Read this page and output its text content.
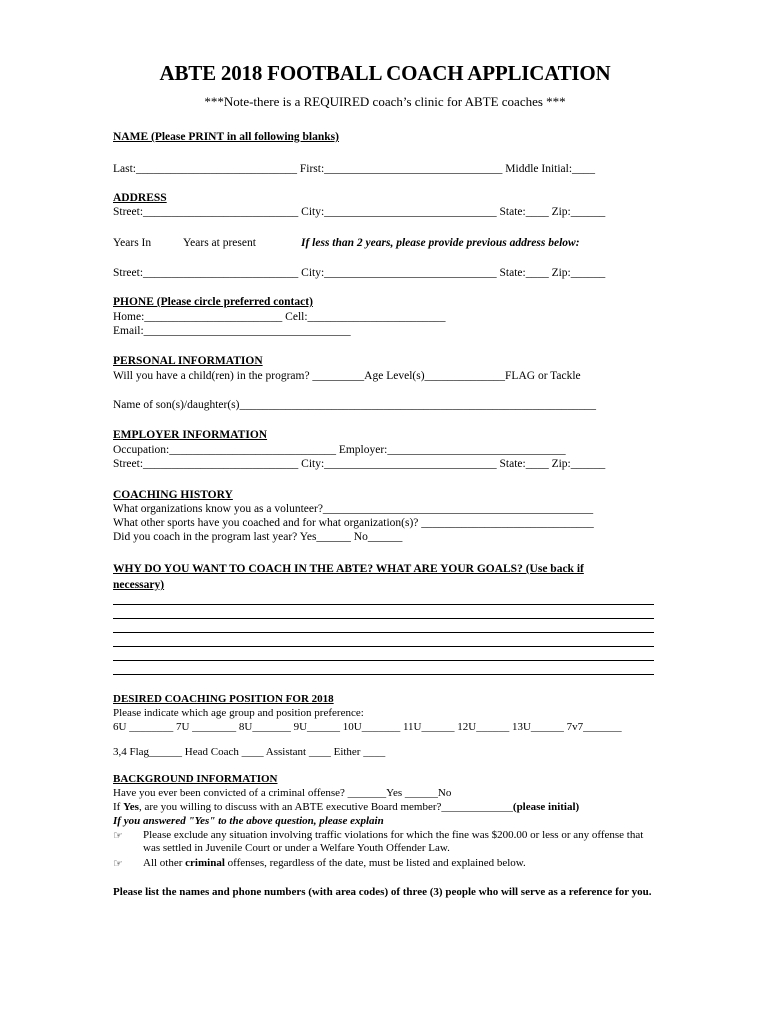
ABTE 2018 FOOTBALL COACH APPLICATION
***Note-there is a REQUIRED coach’s clinic for ABTE coaches ***
NAME (Please PRINT in all following blanks)
Last:____________________________ First:_______________________________ Middle Initial:____
ADDRESS
Street:___________________________ City:______________________________ State:____ Zip:______
Years In	Years at present	If less than 2 years, please provide previous address below:
Street:___________________________ City:______________________________ State:____ Zip:______
PHONE (Please circle preferred contact)
Home:________________________ Cell:________________________
Email:____________________________________
PERSONAL INFORMATION
Will you have a child(ren) in the program? _________Age Level(s)______________FLAG or Tackle
Name of son(s)/daughter(s)______________________________________________________________
EMPLOYER INFORMATION
Occupation:_____________________________ Employer:_______________________________
Street:___________________________ City:______________________________ State:____ Zip:______
COACHING HISTORY
What organizations know you as a volunteer?_______________________________________________
What other sports have you coached and for what organization(s)? ______________________________
Did you coach in the program last year? Yes______ No______
WHY DO YOU WANT TO COACH IN THE ABTE? WHAT ARE YOUR GOALS? (Use back if
necessary)
DESIRED COACHING POSITION FOR 2018
Please indicate which age group and position preference:
6U ________ 7U ________ 8U_______ 9U______ 10U_______ 11U______ 12U______ 13U______ 7v7_______
3,4 Flag______ Head Coach ____ Assistant ____ Either ____
BACKGROUND INFORMATION
Have you ever been convicted of a criminal offense? _______Yes ______No
If Yes, are you willing to discuss with an ABTE executive Board member?_____________(please initial)
If you answered "Yes" to the above question, please explain
☞ Please exclude any situation involving traffic violations for which the fine was $200.00 or less or any offense that was settled in Juvenile Court or under a Welfare Youth Offender Law.
☞ All other criminal offenses, regardless of the date, must be listed and explained below.
Please list the names and phone numbers (with area codes) of three (3) people who will serve as a reference for you.
